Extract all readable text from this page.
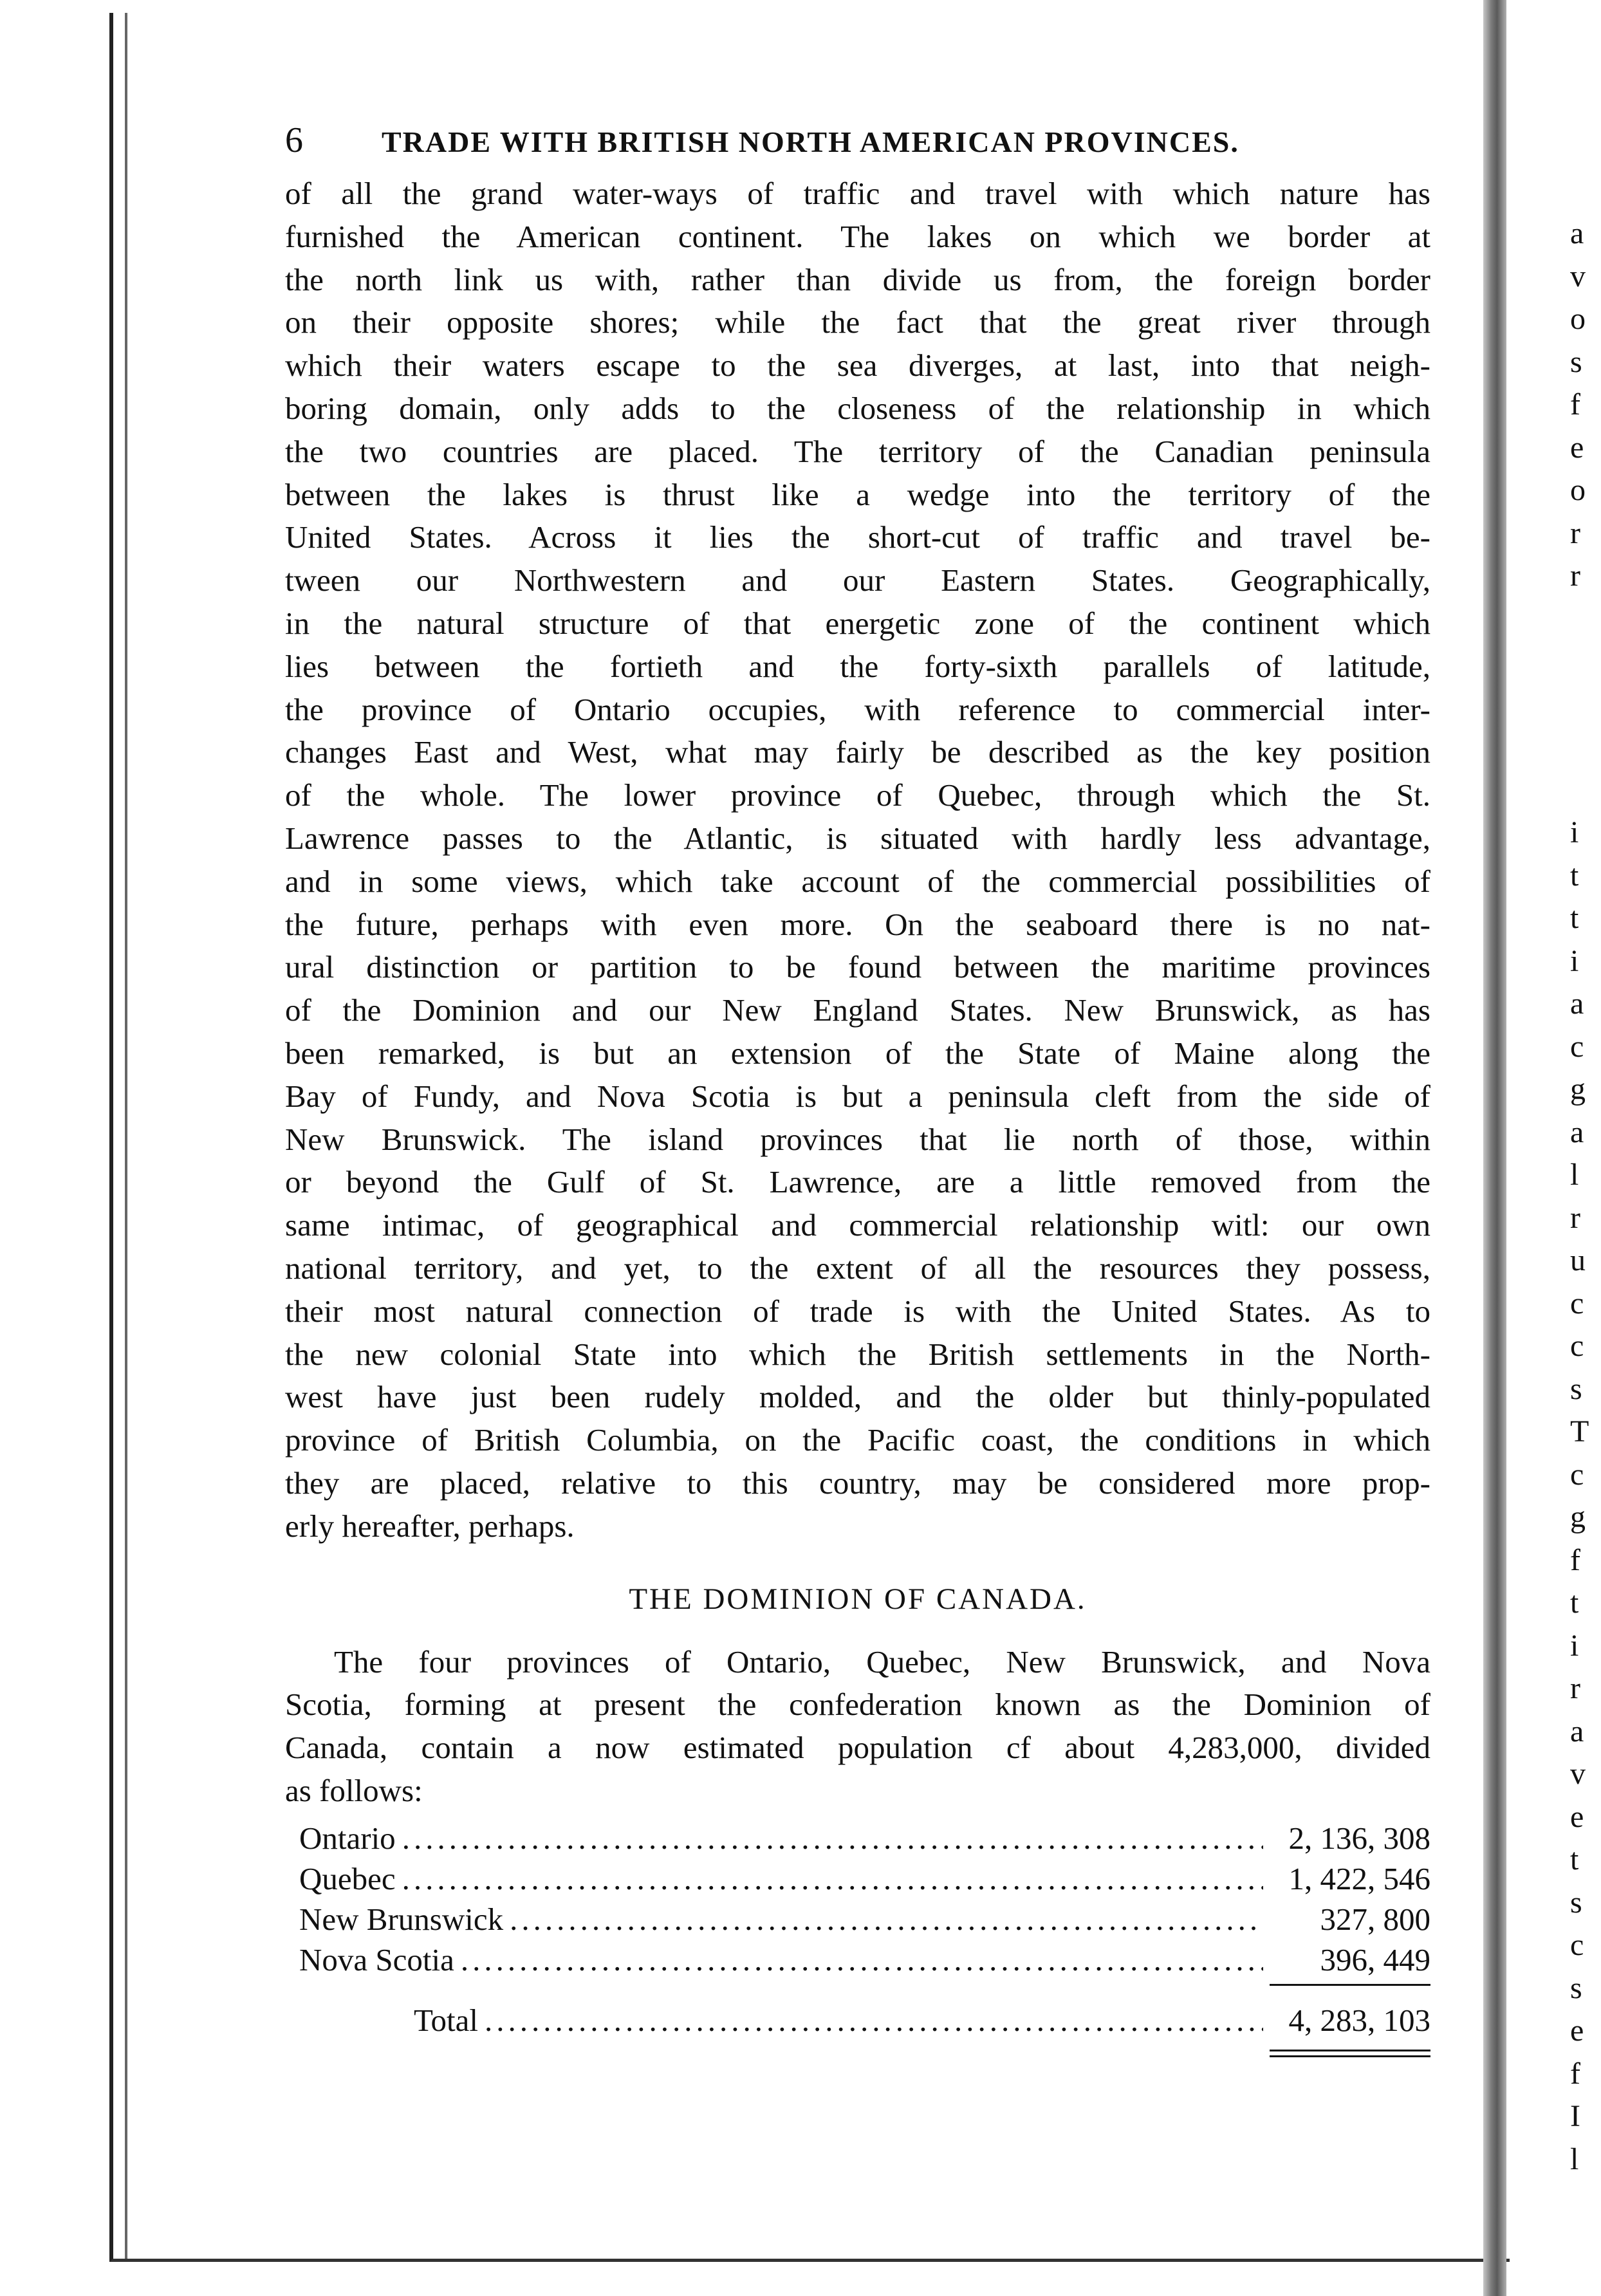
6	TRADE WITH BRITISH NORTH AMERICAN PROVINCES.
of all the grand water-ways of traffic and travel with which nature has
furnished the American continent. The lakes on which we border at
the north link us with, rather than divide us from, the foreign border
on their opposite shores; while the fact that the great river through
which their waters escape to the sea diverges, at last, into that neigh-
boring domain, only adds to the closeness of the relationship in which
the two countries are placed. The territory of the Canadian peninsula
between the lakes is thrust like a wedge into the territory of the
United States. Across it lies the short-cut of traffic and travel be-
tween our Northwestern and our Eastern States. Geographically,
in the natural structure of that energetic zone of the continent which
lies between the fortieth and the forty-sixth parallels of latitude,
the province of Ontario occupies, with reference to commercial inter-
changes East and West, what may fairly be described as the key position
of the whole. The lower province of Quebec, through which the St.
Lawrence passes to the Atlantic, is situated with hardly less advantage,
and in some views, which take account of the commercial possibilities of
the future, perhaps with even more. On the seaboard there is no nat-
ural distinction or partition to be found between the maritime provinces
of the Dominion and our New England States. New Brunswick, as has
been remarked, is but an extension of the State of Maine along the
Bay of Fundy, and Nova Scotia is but a peninsula cleft from the side of
New Brunswick. The island provinces that lie north of those, within
or beyond the Gulf of St. Lawrence, are a little removed from the
same intimac, of geographical and commercial relationship witl: our own
national territory, and yet, to the extent of all the resources they possess,
their most natural connection of trade is with the United States. As to
the new colonial State into which the British settlements in the North-
west have just been rudely molded, and the older but thinly-populated
province of British Columbia, on the Pacific coast, the conditions in which
they are placed, relative to this country, may be considered more prop-
erly hereafter, perhaps.
THE DOMINION OF CANADA.
The four provinces of Ontario, Quebec, New Brunswick, and Nova
Scotia, forming at present the confederation known as the Dominion of
Canada, contain a now estimated population cf about 4,283,000, divided
as follows:
Ontario .....	2, 136, 308
Quebec .....	1, 422, 546
New Brunswick .....	327, 800
Nova Scotia .....	396, 449
Total .....	4, 283, 103
a
v
o
s
f
e
o
r
r
i
t
t
i
a
c
g
a
l
r
u
c
c
s
T
c
g
f
t
i
r
a
v
e
t
s
c
s
e
f
I
l
